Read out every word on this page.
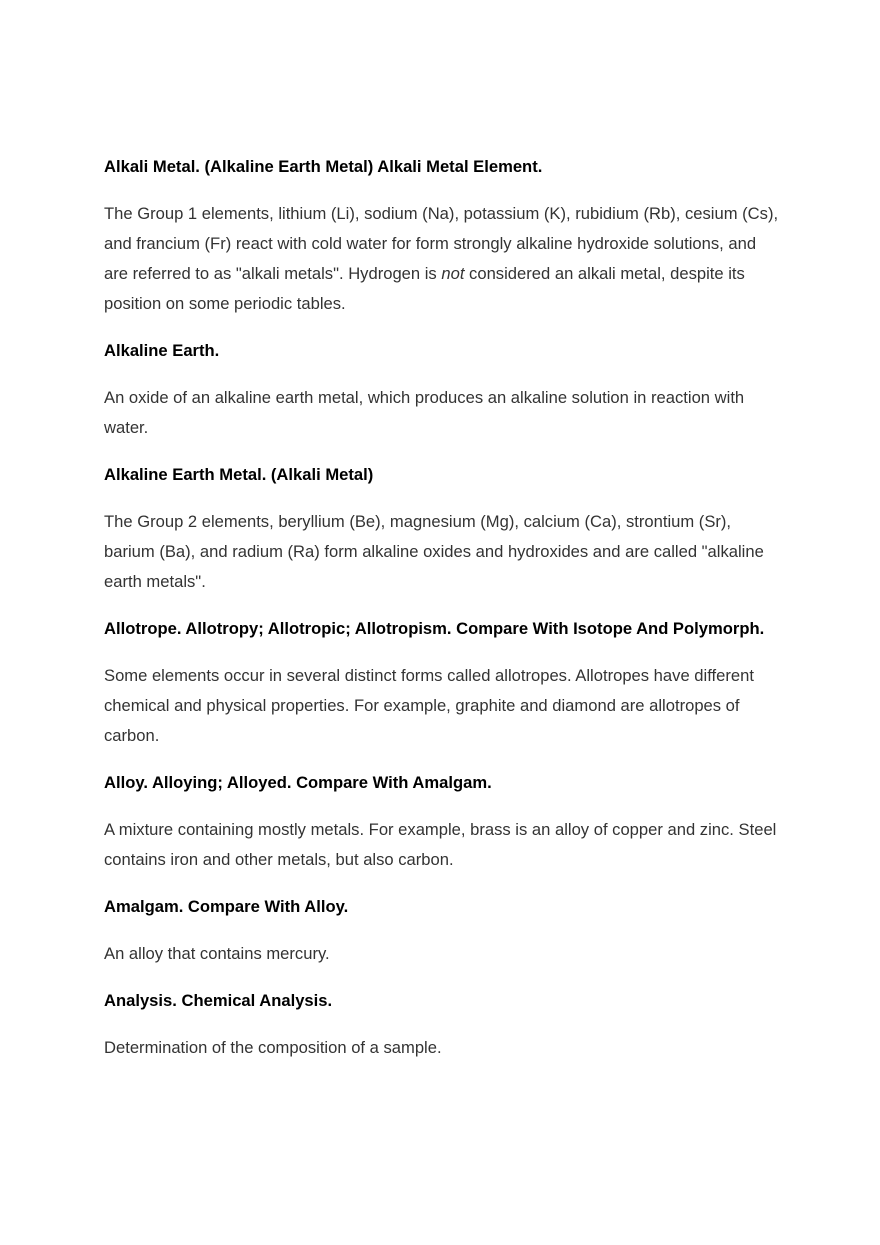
Alkali Metal. (Alkaline Earth Metal) Alkali Metal Element.

The Group 1 elements, lithium (Li), sodium (Na), potassium (K), rubidium (Rb), cesium (Cs), and francium (Fr) react with cold water for form strongly alkaline hydroxide solutions, and are referred to as "alkali metals". Hydrogen is not considered an alkali metal, despite its position on some periodic tables.

Alkaline Earth.

An oxide of an alkaline earth metal, which produces an alkaline solution in reaction with water.

Alkaline Earth Metal. (Alkali Metal)

The Group 2 elements, beryllium (Be), magnesium (Mg), calcium (Ca), strontium (Sr), barium (Ba), and radium (Ra) form alkaline oxides and hydroxides and are called "alkaline earth metals".

Allotrope. Allotropy; Allotropic; Allotropism. Compare With Isotope And Polymorph.

Some elements occur in several distinct forms called allotropes. Allotropes have different chemical and physical properties. For example, graphite and diamond are allotropes of carbon.

Alloy. Alloying; Alloyed. Compare With Amalgam.

A mixture containing mostly metals. For example, brass is an alloy of copper and zinc. Steel contains iron and other metals, but also carbon.

Amalgam. Compare With Alloy.

An alloy that contains mercury.

Analysis. Chemical Analysis.

Determination of the composition of a sample.
